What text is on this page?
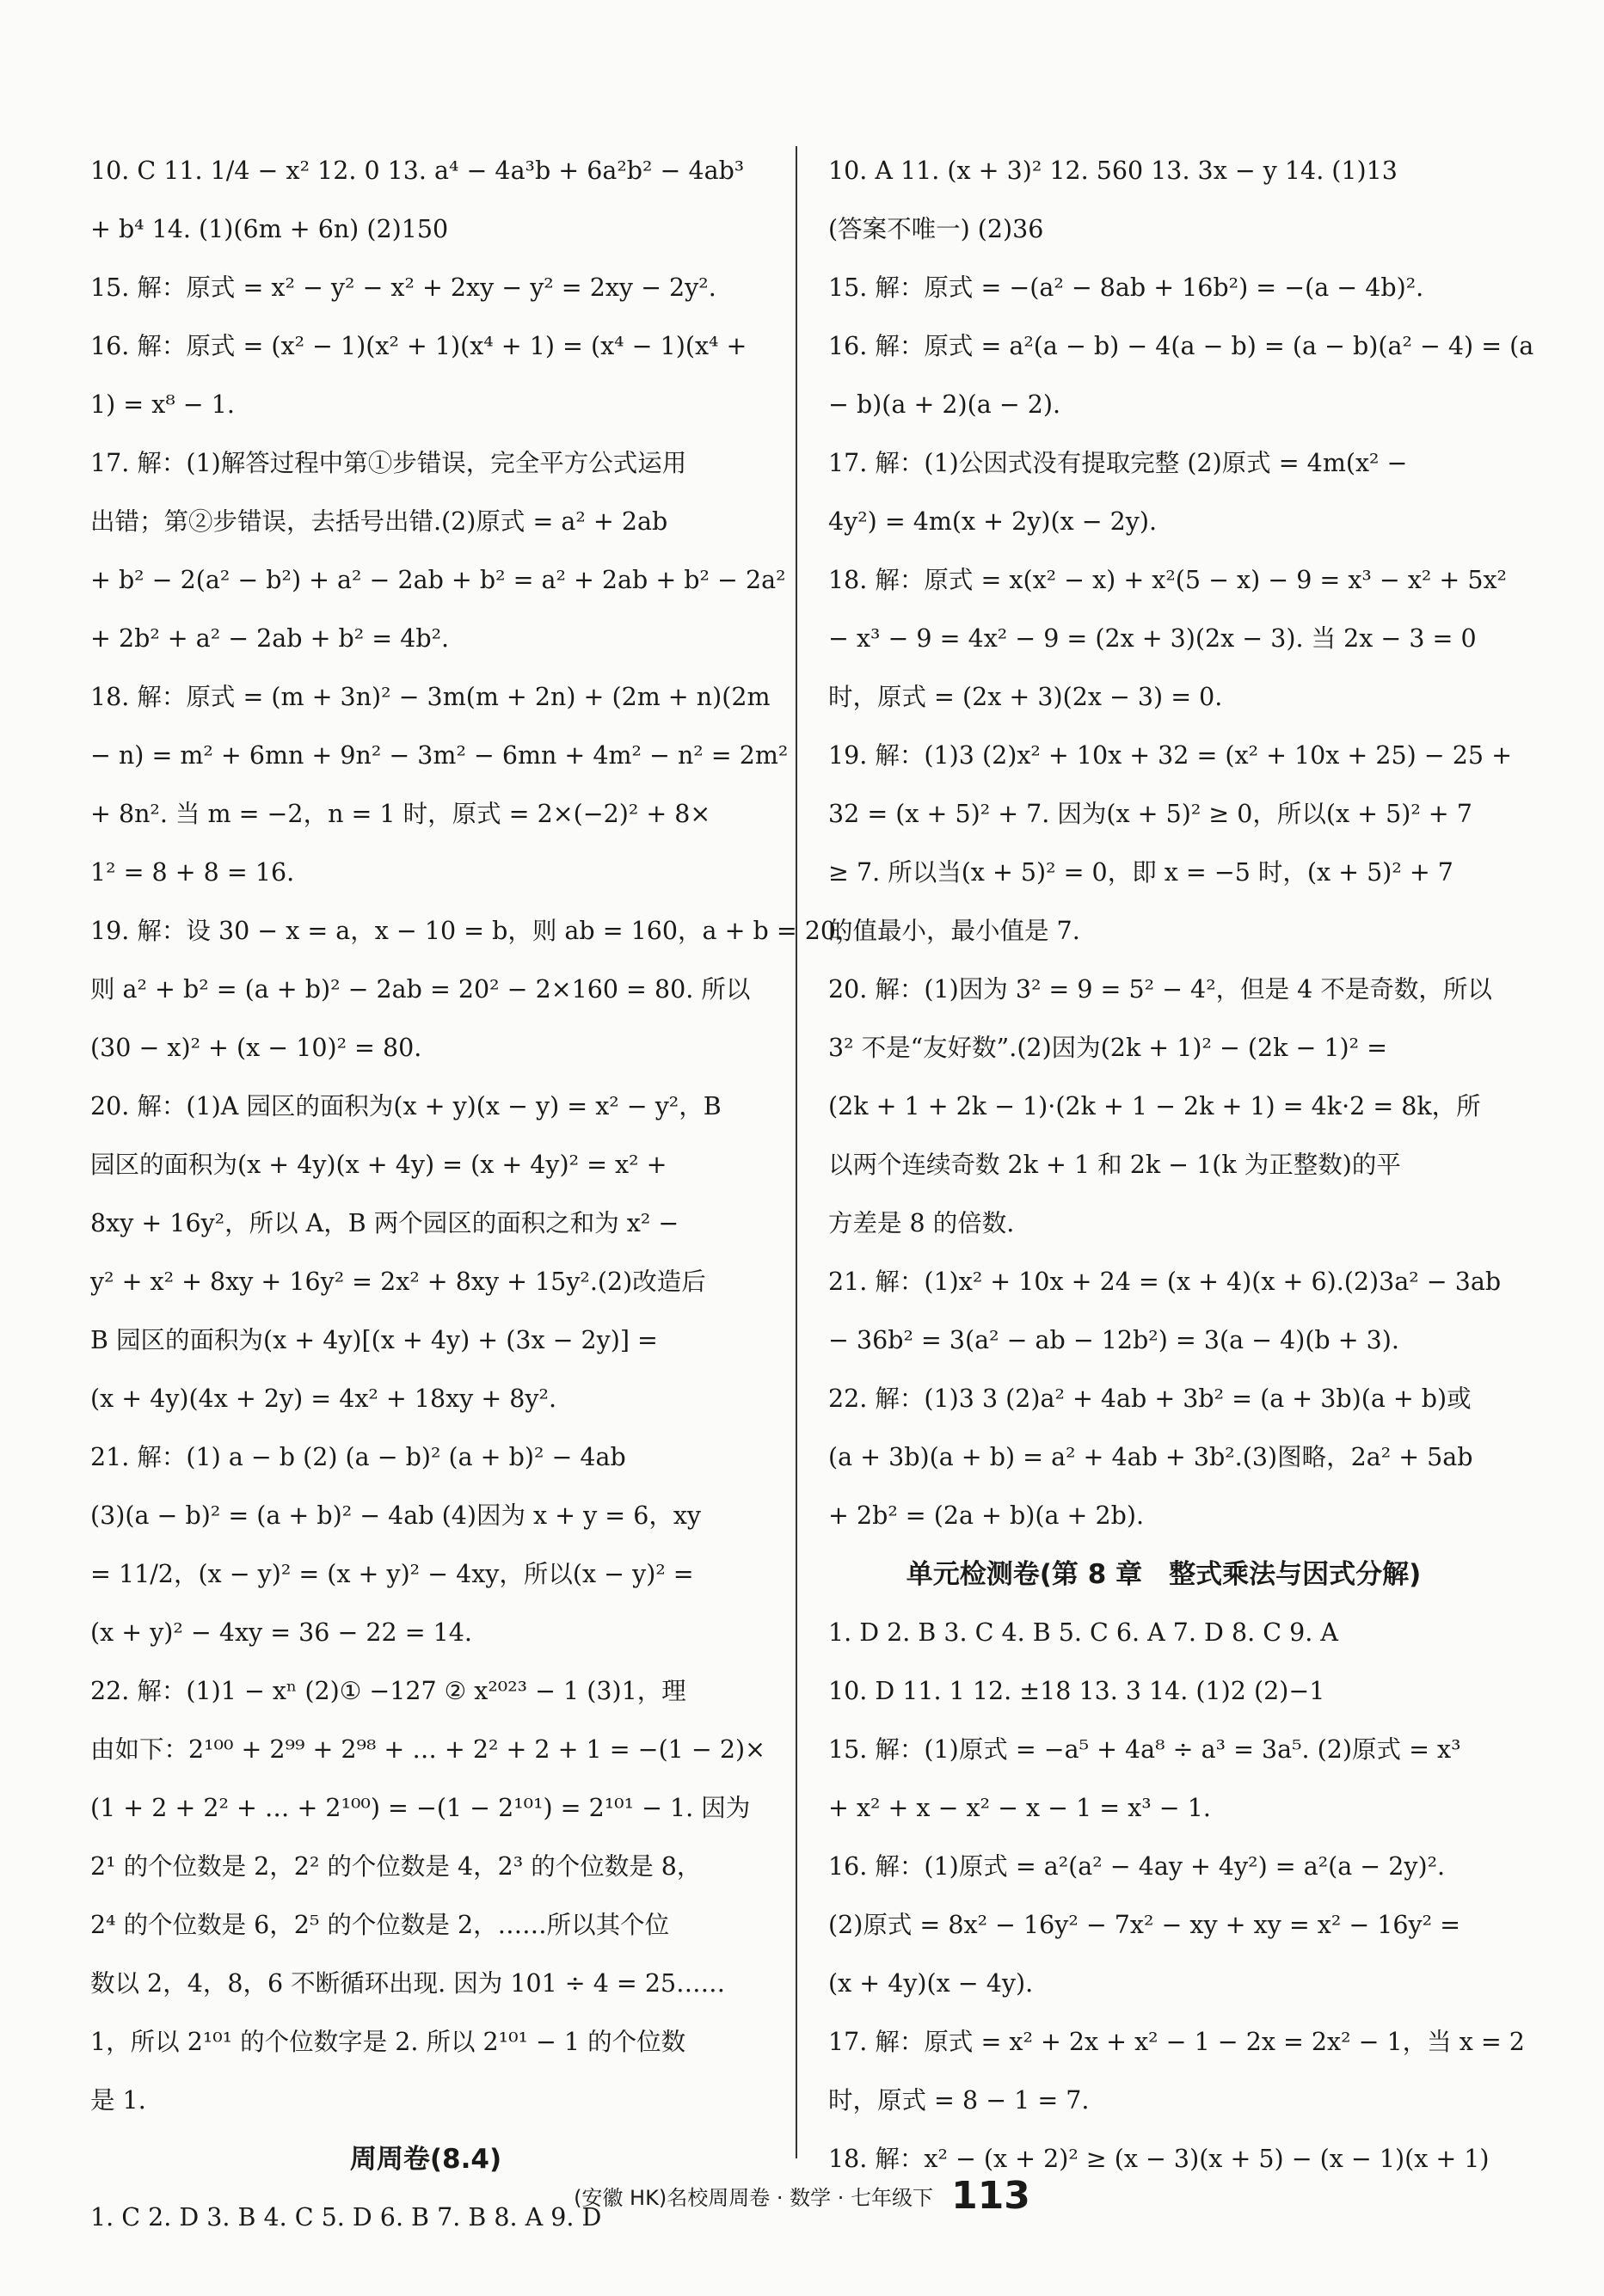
10. C 11. 1/4 − x² 12. 0 13. a⁴ − 4a³b + 6a²b² − 4ab³
+ b⁴ 14. (1)(6m + 6n) (2)150
15. 解：原式 = x² − y² − x² + 2xy − y² = 2xy − 2y².
16. 解：原式 = (x² − 1)(x² + 1)(x⁴ + 1) = (x⁴ − 1)(x⁴ +
1) = x⁸ − 1.
17. 解：(1)解答过程中第①步错误，完全平方公式运用
出错；第②步错误，去括号出错.(2)原式 = a² + 2ab
+ b² − 2(a² − b²) + a² − 2ab + b² = a² + 2ab + b² − 2a²
+ 2b² + a² − 2ab + b² = 4b².
18. 解：原式 = (m + 3n)² − 3m(m + 2n) + (2m + n)(2m
− n) = m² + 6mn + 9n² − 3m² − 6mn + 4m² − n² = 2m²
+ 8n². 当 m = −2，n = 1 时，原式 = 2×(−2)² + 8×
1² = 8 + 8 = 16.
19. 解：设 30 − x = a，x − 10 = b，则 ab = 160，a + b = 20，
则 a² + b² = (a + b)² − 2ab = 20² − 2×160 = 80. 所以
(30 − x)² + (x − 10)² = 80.
20. 解：(1)A 园区的面积为(x + y)(x − y) = x² − y²，B
园区的面积为(x + 4y)(x + 4y) = (x + 4y)² = x² +
8xy + 16y²，所以 A，B 两个园区的面积之和为 x² −
y² + x² + 8xy + 16y² = 2x² + 8xy + 15y².(2)改造后
B 园区的面积为(x + 4y)[(x + 4y) + (3x − 2y)] =
(x + 4y)(4x + 2y) = 4x² + 18xy + 8y².
21. 解：(1) a − b (2) (a − b)² (a + b)² − 4ab
(3)(a − b)² = (a + b)² − 4ab (4)因为 x + y = 6，xy
= 11/2，(x − y)² = (x + y)² − 4xy，所以(x − y)² =
(x + y)² − 4xy = 36 − 22 = 14.
22. 解：(1)1 − xⁿ (2)① −127 ② x²⁰²³ − 1 (3)1，理
由如下：2¹⁰⁰ + 2⁹⁹ + 2⁹⁸ + … + 2² + 2 + 1 = −(1 − 2)×
(1 + 2 + 2² + … + 2¹⁰⁰) = −(1 − 2¹⁰¹) = 2¹⁰¹ − 1. 因为
2¹ 的个位数是 2，2² 的个位数是 4，2³ 的个位数是 8，
2⁴ 的个位数是 6，2⁵ 的个位数是 2，……所以其个位
数以 2，4，8，6 不断循环出现. 因为 101 ÷ 4 = 25……
1，所以 2¹⁰¹ 的个位数字是 2. 所以 2¹⁰¹ − 1 的个位数
是 1.
周周卷(8.4)
1. C 2. D 3. B 4. C 5. D 6. B 7. B 8. A 9. D
10. A 11. (x + 3)² 12. 560 13. 3x − y 14. (1)13
(答案不唯一) (2)36
15. 解：原式 = −(a² − 8ab + 16b²) = −(a − 4b)².
16. 解：原式 = a²(a − b) − 4(a − b) = (a − b)(a² − 4) = (a
− b)(a + 2)(a − 2).
17. 解：(1)公因式没有提取完整 (2)原式 = 4m(x² −
4y²) = 4m(x + 2y)(x − 2y).
18. 解：原式 = x(x² − x) + x²(5 − x) − 9 = x³ − x² + 5x²
− x³ − 9 = 4x² − 9 = (2x + 3)(2x − 3). 当 2x − 3 = 0
时，原式 = (2x + 3)(2x − 3) = 0.
19. 解：(1)3 (2)x² + 10x + 32 = (x² + 10x + 25) − 25 +
32 = (x + 5)² + 7. 因为(x + 5)² ≥ 0，所以(x + 5)² + 7
≥ 7. 所以当(x + 5)² = 0，即 x = −5 时，(x + 5)² + 7
的值最小，最小值是 7.
20. 解：(1)因为 3² = 9 = 5² − 4²，但是 4 不是奇数，所以
3² 不是“友好数”.(2)因为(2k + 1)² − (2k − 1)² =
(2k + 1 + 2k − 1)·(2k + 1 − 2k + 1) = 4k·2 = 8k，所
以两个连续奇数 2k + 1 和 2k − 1(k 为正整数)的平
方差是 8 的倍数.
21. 解：(1)x² + 10x + 24 = (x + 4)(x + 6).(2)3a² − 3ab
− 36b² = 3(a² − ab − 12b²) = 3(a − 4)(b + 3).
22. 解：(1)3 3 (2)a² + 4ab + 3b² = (a + 3b)(a + b)或
(a + 3b)(a + b) = a² + 4ab + 3b².(3)图略，2a² + 5ab
+ 2b² = (2a + b)(a + 2b).
单元检测卷(第 8 章　整式乘法与因式分解)
1. D 2. B 3. C 4. B 5. C 6. A 7. D 8. C 9. A
10. D 11. 1 12. ±18 13. 3 14. (1)2 (2)−1
15. 解：(1)原式 = −a⁵ + 4a⁸ ÷ a³ = 3a⁵. (2)原式 = x³
+ x² + x − x² − x − 1 = x³ − 1.
16. 解：(1)原式 = a²(a² − 4ay + 4y²) = a²(a − 2y)².
(2)原式 = 8x² − 16y² − 7x² − xy + xy = x² − 16y² =
(x + 4y)(x − 4y).
17. 解：原式 = x² + 2x + x² − 1 − 2x = 2x² − 1，当 x = 2
时，原式 = 8 − 1 = 7.
18. 解：x² − (x + 2)² ≥ (x − 3)(x + 5) − (x − 1)(x + 1)
(安徽 HK)名校周周卷 · 数学 · 七年级下 113
